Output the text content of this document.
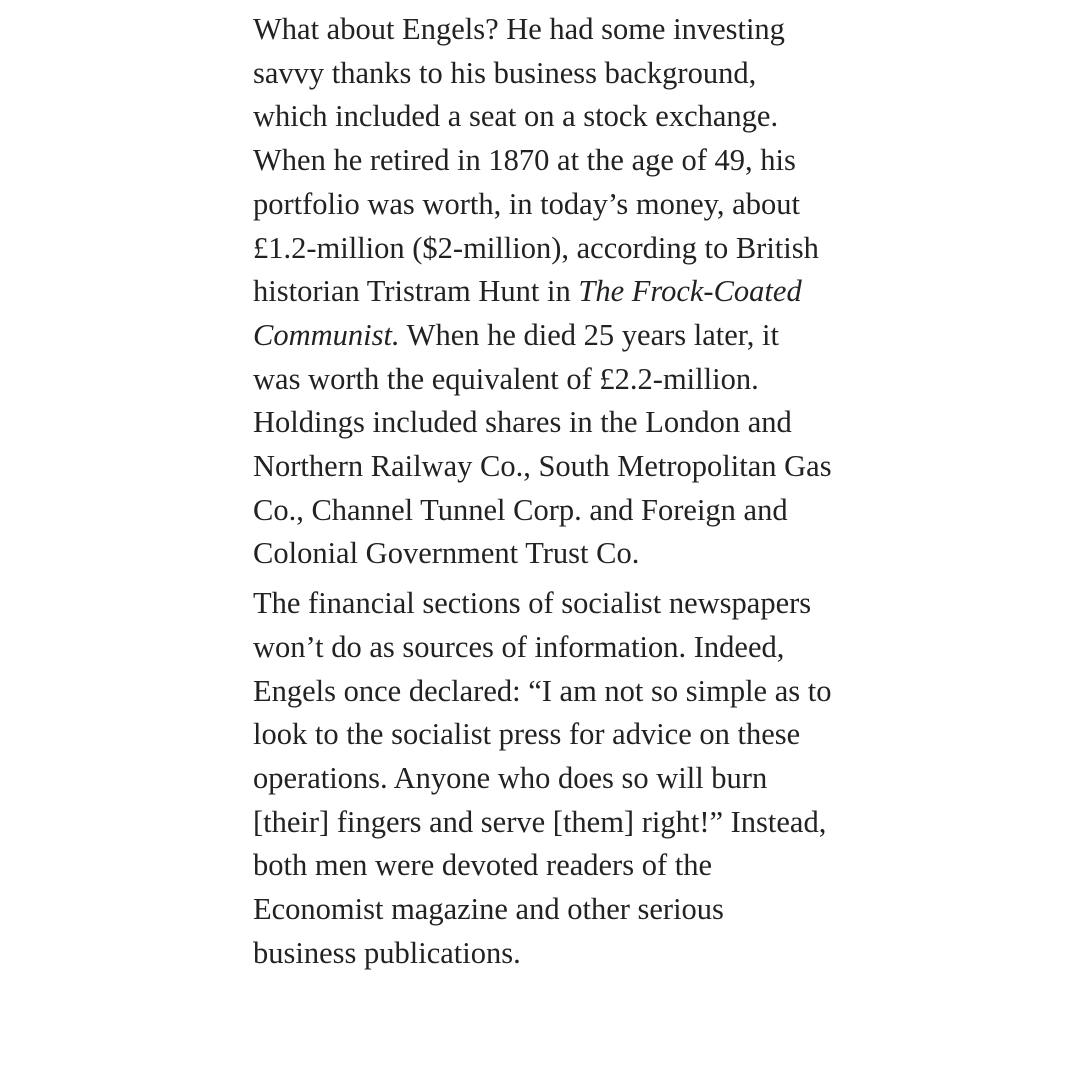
What about Engels? He had some investing savvy thanks to his business background, which included a seat on a stock exchange. When he retired in 1870 at the age of 49, his portfolio was worth, in today’s money, about £1.2-million ($2-million), according to British historian Tristram Hunt in The Frock-Coated Communist. When he died 25 years later, it was worth the equivalent of £2.2-million. Holdings included shares in the London and Northern Railway Co., South Metropolitan Gas Co., Channel Tunnel Corp. and Foreign and Colonial Government Trust Co.

The financial sections of socialist newspapers won’t do as sources of information. Indeed, Engels once declared: “I am not so simple as to look to the socialist press for advice on these operations. Anyone who does so will burn [their] fingers and serve [them] right!” Instead, both men were devoted readers of the Economist magazine and other serious business publications.
